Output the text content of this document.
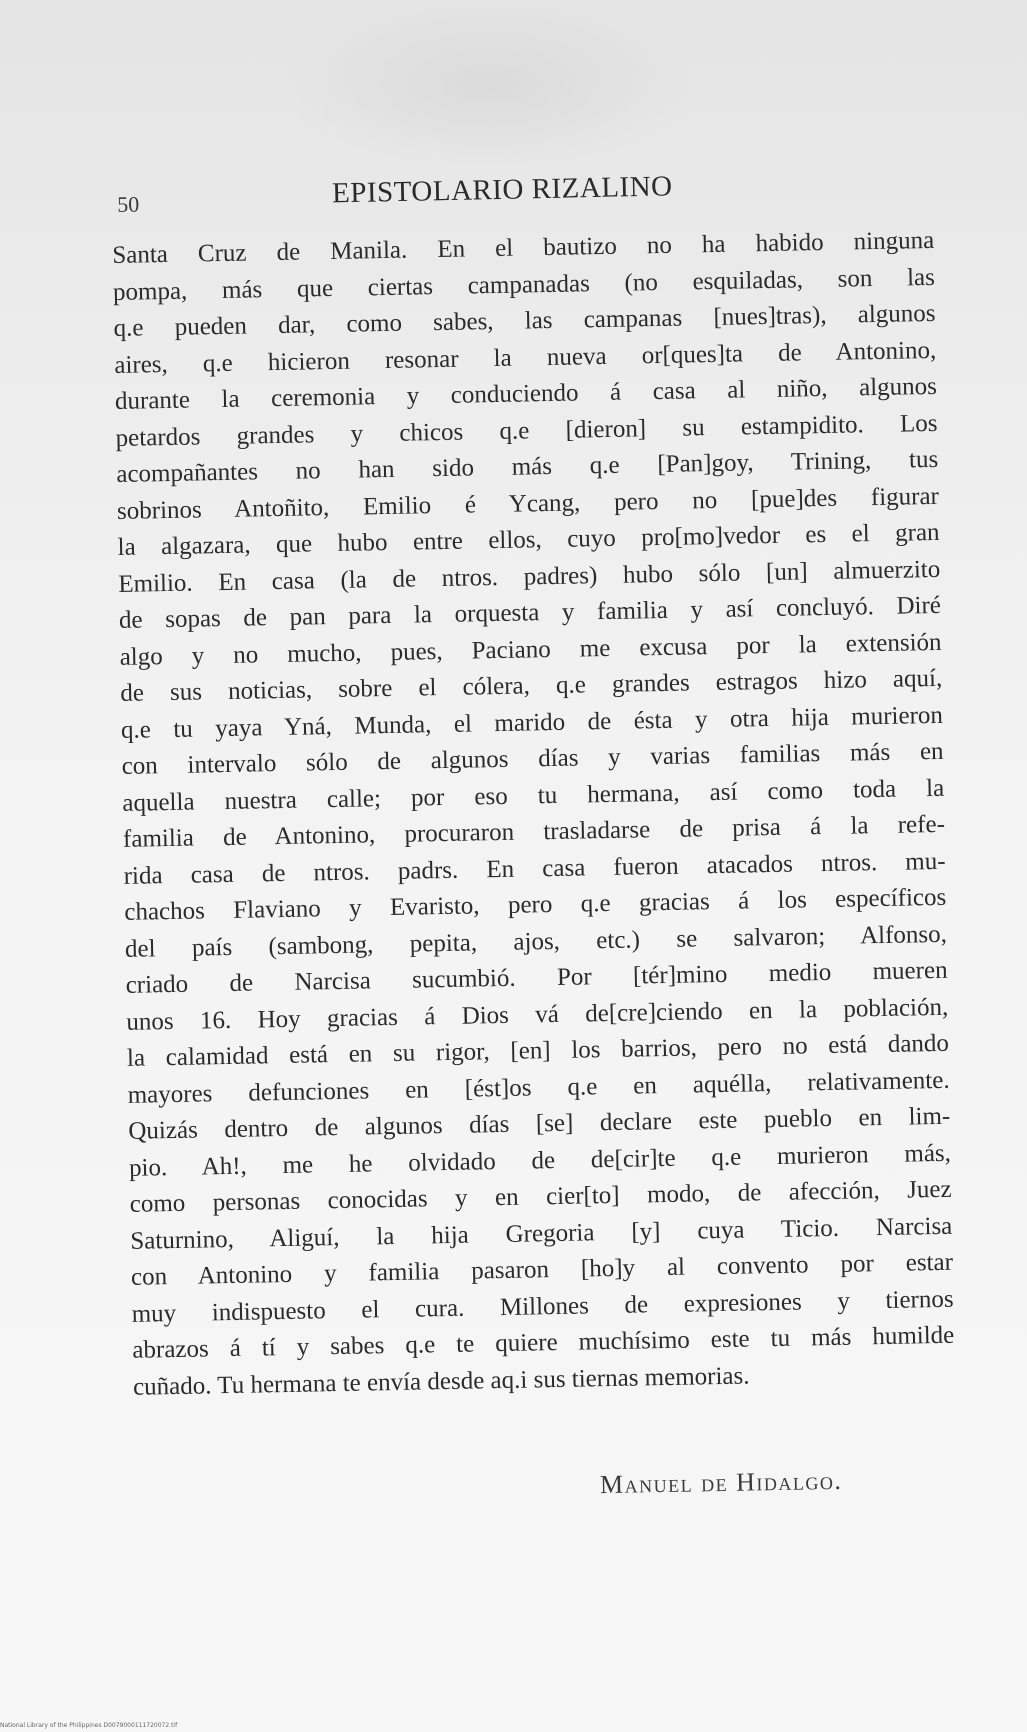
50	EPISTOLARIO RIZALINO
Santa Cruz de Manila. En el bautizo no ha habido ninguna
pompa, más que ciertas campanadas (no esquiladas, son las
q.e pueden dar, como sabes, las campanas [nues]tras), algunos
aires, q.e hicieron resonar la nueva or[ques]ta de Antonino,
durante la ceremonia y conduciendo á casa al niño, algunos
petardos grandes y chicos q.e [dieron] su estampidito. Los
acompañantes no han sido más q.e [Pan]goy, Trining, tus
sobrinos Antoñito, Emilio é Ycang, pero no [pue]des figurar
la algazara, que hubo entre ellos, cuyo pro[mo]vedor es el gran
Emilio. En casa (la de ntros. padres) hubo sólo [un] almuerzito
de sopas de pan para la orquesta y familia y así concluyó. Diré
algo y no mucho, pues, Paciano me excusa por la extensión
de sus noticias, sobre el cólera, q.e grandes estragos hizo aquí,
q.e tu yaya Yná, Munda, el marido de ésta y otra hija murieron
con intervalo sólo de algunos días y varias familias más en
aquella nuestra calle; por eso tu hermana, así como toda la
familia de Antonino, procuraron trasladarse de prisa á la refe-
rida casa de ntros. padrs. En casa fueron atacados ntros. mu-
chachos Flaviano y Evaristo, pero q.e gracias á los específicos
del país (sambong, pepita, ajos, etc.) se salvaron; Alfonso,
criado de Narcisa sucumbió. Por [tér]mino medio mueren
unos 16. Hoy gracias á Dios vá de[cre]ciendo en la población,
la calamidad está en su rigor, [en] los barrios, pero no está dando
mayores defunciones en [ést]os q.e en aquélla, relativamente.
Quizás dentro de algunos días [se] declare este pueblo en lim-
pio. Ah!, me he olvidado de de[cir]te q.e murieron más,
como personas conocidas y en cier[to] modo, de afección, Juez
Saturnino, Aliguí, la hija Gregoria [y] cuya Ticio. Narcisa
con Antonino y familia pasaron [ho]y al convento por estar
muy indispuesto el cura. Millones de expresiones y tiernos
abrazos á tí y sabes q.e te quiere muchísimo este tu más humilde
cuñado. Tu hermana te envía desde aq.i sus tiernas memorias.
Manuel de Hidalgo.
National Library of the Philippines D0079000111720072.tif
